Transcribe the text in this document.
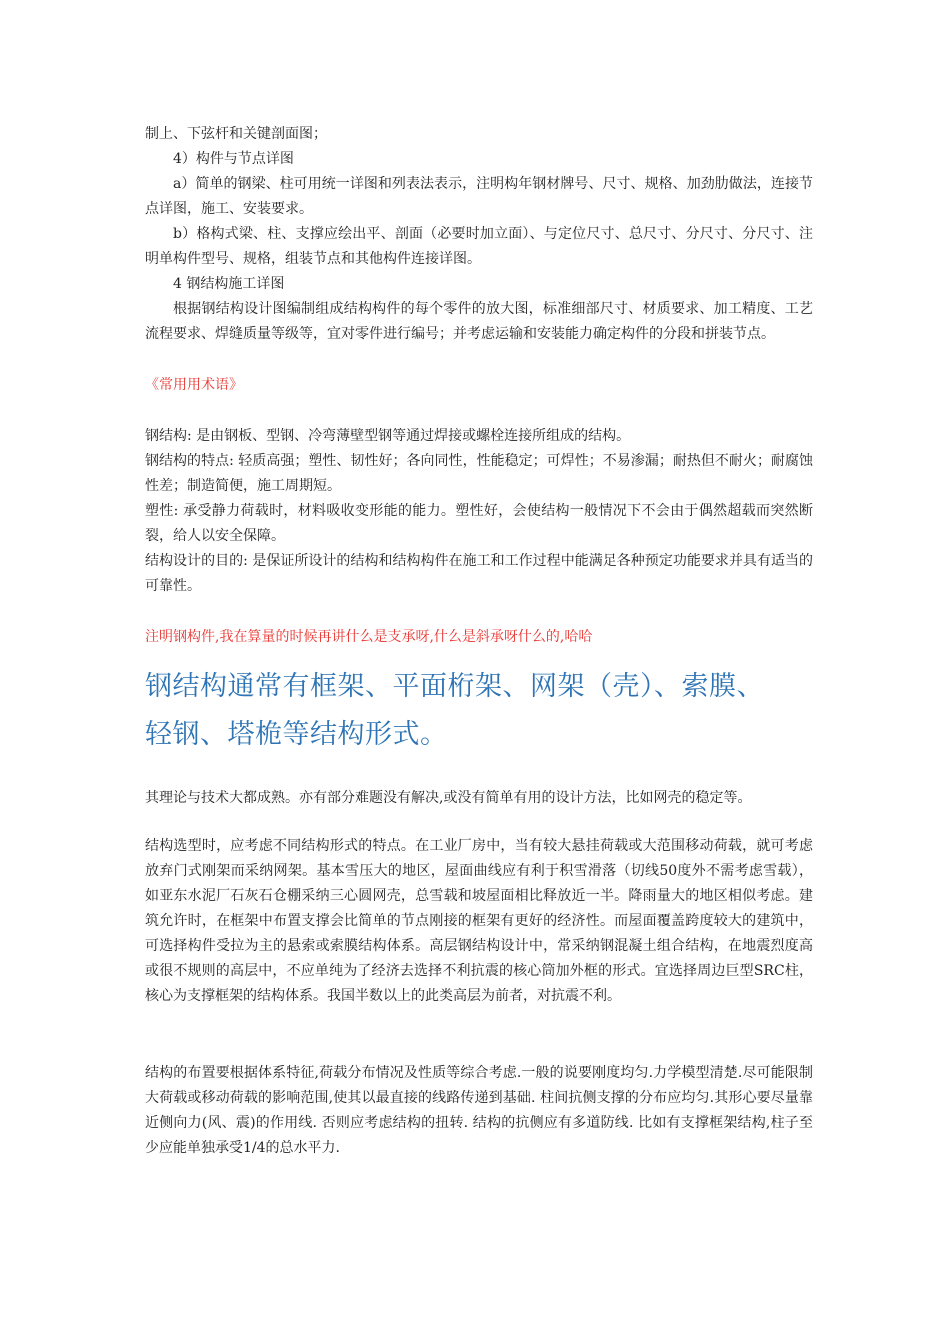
制上、下弦杆和关键剖面图；

4）构件与节点详图

a）简单的钢梁、柱可用统一详图和列表法表示，注明构年钢材牌号、尺寸、规格、加劲肋做法，连接节点详图，施工、安装要求。

b）格构式梁、柱、支撑应绘出平、剖面（必要时加立面）、与定位尺寸、总尺寸、分尺寸、分尺寸、注明单构件型号、规格，组装节点和其他构件连接详图。

4 钢结构施工详图

根据钢结构设计图编制组成结构构件的每个零件的放大图，标准细部尺寸、材质要求、加工精度、工艺流程要求、焊缝质量等级等，宜对零件进行编号；并考虑运输和安装能力确定构件的分段和拼装节点。

《常用用术语》

钢结构: 是由钢板、型钢、冷弯薄壁型钢等通过焊接或螺栓连接所组成的结构。

钢结构的特点: 轻质高强；塑性、韧性好；各向同性，性能稳定；可焊性；不易渗漏；耐热但不耐火；耐腐蚀性差；制造简便，施工周期短。

塑性: 承受静力荷载时，材料吸收变形能的能力。塑性好，会使结构一般情况下不会由于偶然超载而突然断裂，给人以安全保障。

结构设计的目的: 是保证所设计的结构和结构构件在施工和工作过程中能满足各种预定功能要求并具有适当的可靠性。

注明钢构件,我在算量的时候再讲什么是支承呀,什么是斜承呀什么的,哈哈

钢结构通常有框架、平面桁架、网架（壳）、索膜、
轻钢、塔桅等结构形式。

其理论与技术大都成熟。亦有部分难题没有解决,或没有简单有用的设计方法，比如网壳的稳定等。

结构选型时，应考虑不同结构形式的特点。在工业厂房中，当有较大悬挂荷载或大范围移动荷载，就可考虑放弃门式刚架而采纳网架。基本雪压大的地区，屋面曲线应有利于积雪滑落（切线50度外不需考虑雪载），如亚东水泥厂石灰石仓棚采纳三心圆网壳，总雪载和坡屋面相比释放近一半。降雨量大的地区相似考虑。建筑允许时，在框架中布置支撑会比简单的节点刚接的框架有更好的经济性。而屋面覆盖跨度较大的建筑中，可选择构件受拉为主的悬索或索膜结构体系。高层钢结构设计中，常采纳钢混凝土组合结构，在地震烈度高或很不规则的高层中，不应单纯为了经济去选择不利抗震的核心筒加外框的形式。宜选择周边巨型SRC柱，核心为支撑框架的结构体系。我国半数以上的此类高层为前者，对抗震不利。

结构的布置要根据体系特征,荷载分布情况及性质等综合考虑.一般的说要刚度均匀.力学模型清楚.尽可能限制大荷载或移动荷载的影响范围,使其以最直接的线路传递到基础. 柱间抗侧支撑的分布应均匀.其形心要尽量靠近侧向力(风、震)的作用线. 否则应考虑结构的扭转. 结构的抗侧应有多道防线. 比如有支撑框架结构,柱子至少应能单独承受1/4的总水平力.
